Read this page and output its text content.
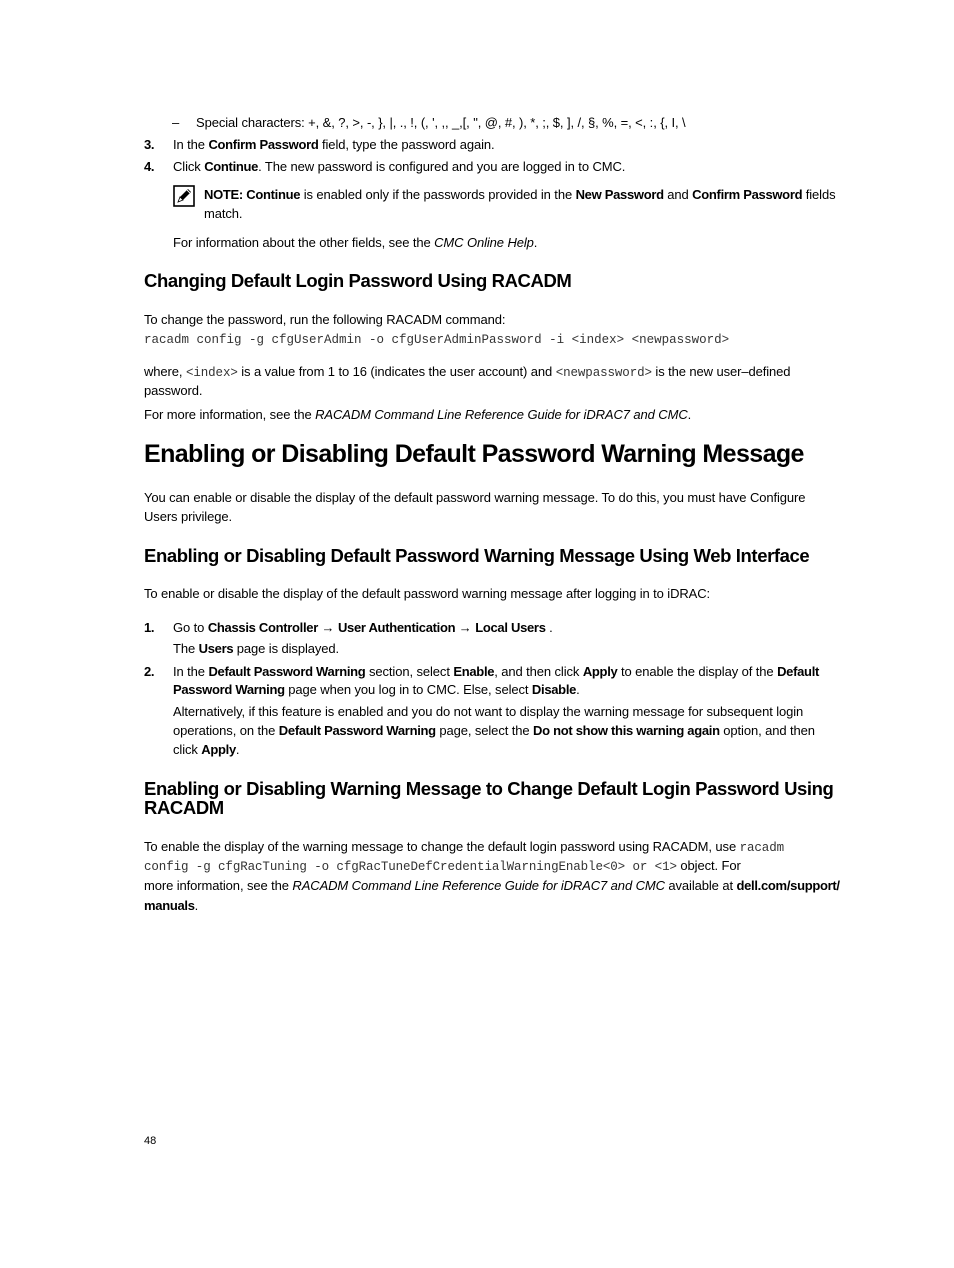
– Special characters: +, &, ?, >, -, }, |, ., !, (, ', ,, _,[, ", @, #, ), *, ;, $, ], /, §, %, =, <, :, {, I, \
3. In the Confirm Password field, type the password again.
4. Click Continue. The new password is configured and you are logged in to CMC.
NOTE: Continue is enabled only if the passwords provided in the New Password and Confirm Password fields
match.
For information about the other fields, see the CMC Online Help.
Changing Default Login Password Using RACADM
To change the password, run the following RACADM command:
racadm config -g cfgUserAdmin -o cfgUserAdminPassword -i <index> <newpassword>
where, <index> is a value from 1 to 16 (indicates the user account) and <newpassword> is the new user–defined
password.
For more information, see the RACADM Command Line Reference Guide for iDRAC7 and CMC.
Enabling or Disabling Default Password Warning Message
You can enable or disable the display of the default password warning message. To do this, you must have Configure
Users privilege.
Enabling or Disabling Default Password Warning Message Using Web Interface
To enable or disable the display of the default password warning message after logging in to iDRAC:
1. Go to Chassis Controller → User Authentication → Local Users .
The Users page is displayed.
2. In the Default Password Warning section, select Enable, and then click Apply to enable the display of the Default
Password Warning page when you log in to CMC. Else, select Disable.
Alternatively, if this feature is enabled and you do not want to display the warning message for subsequent login
operations, on the Default Password Warning page, select the Do not show this warning again option, and then
click Apply.
Enabling or Disabling Warning Message to Change Default Login Password Using
RACADM
To enable the display of the warning message to change the default login password using RACADM, use racadm
config -g cfgRacTuning -o cfgRacTuneDefCredentialWarningEnable<0> or <1> object. For
more information, see the RACADM Command Line Reference Guide for iDRAC7 and CMC available at dell.com/support/
manuals.
48
